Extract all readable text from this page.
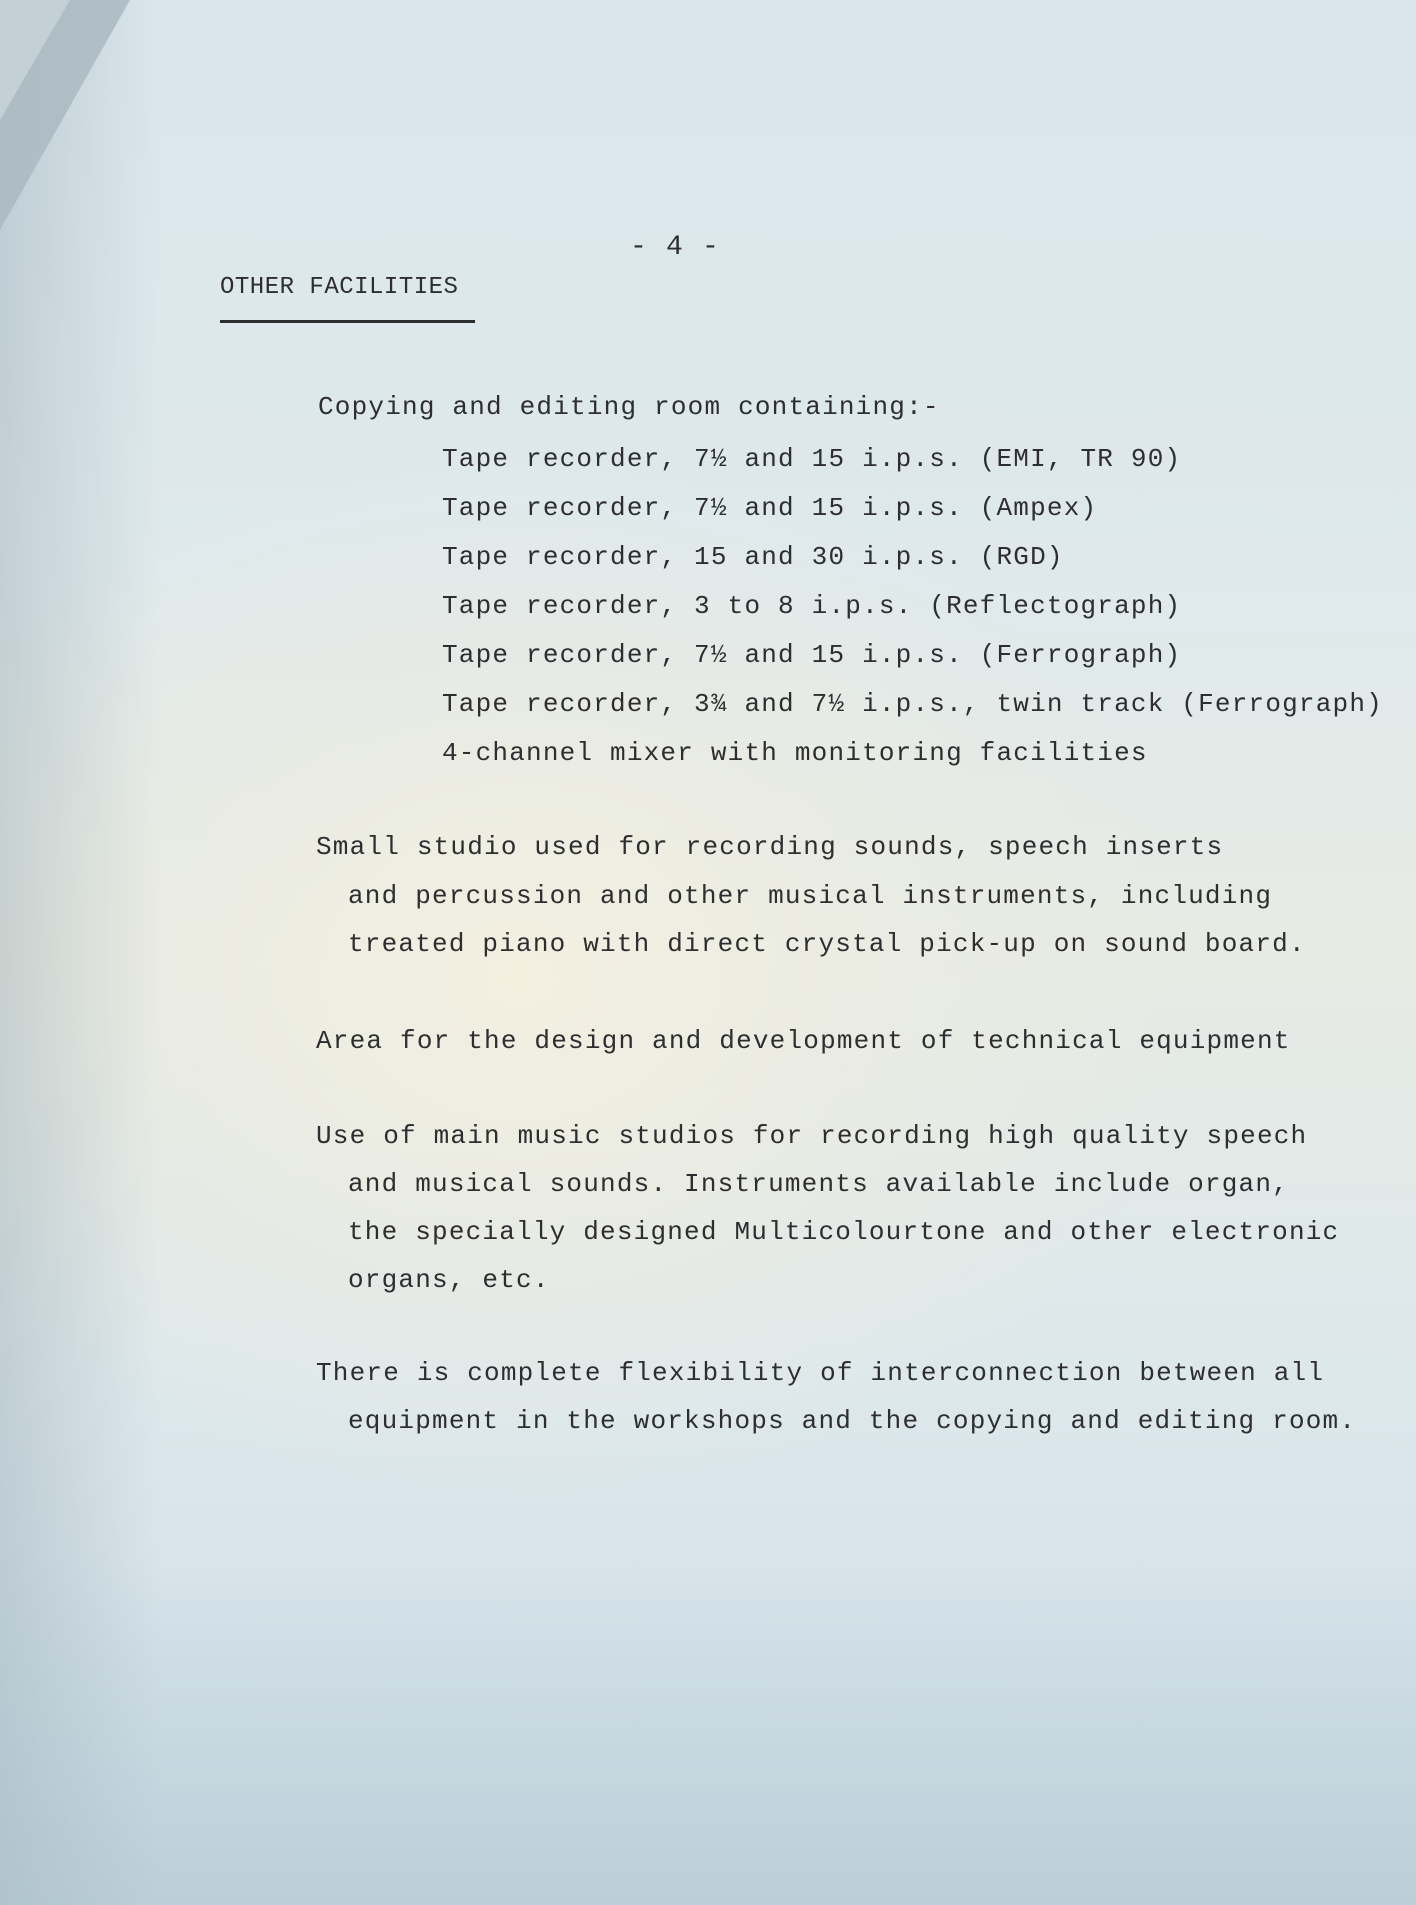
- 4 -

OTHER FACILITIES

Copying and editing room containing:-

Tape recorder, 7½ and 15 i.p.s. (EMI, TR 90)

Tape recorder, 7½ and 15 i.p.s. (Ampex)

Tape recorder, 15 and 30 i.p.s. (RGD)

Tape recorder, 3 to 8 i.p.s. (Reflectograph)

Tape recorder, 7½ and 15 i.p.s. (Ferrograph)

Tape recorder, 3¾ and 7½ i.p.s., twin track (Ferrograph)

4-channel mixer with monitoring facilities

Small studio used for recording sounds, speech inserts

and percussion and other musical instruments, including

treated piano with direct crystal pick-up on sound board.

Area for the design and development of technical equipment

Use of main music studios for recording high quality speech

and musical sounds. Instruments available include organ,

the specially designed Multicolourtone and other electronic

organs, etc.

There is complete flexibility of interconnection between all

equipment in the workshops and the copying and editing room.
